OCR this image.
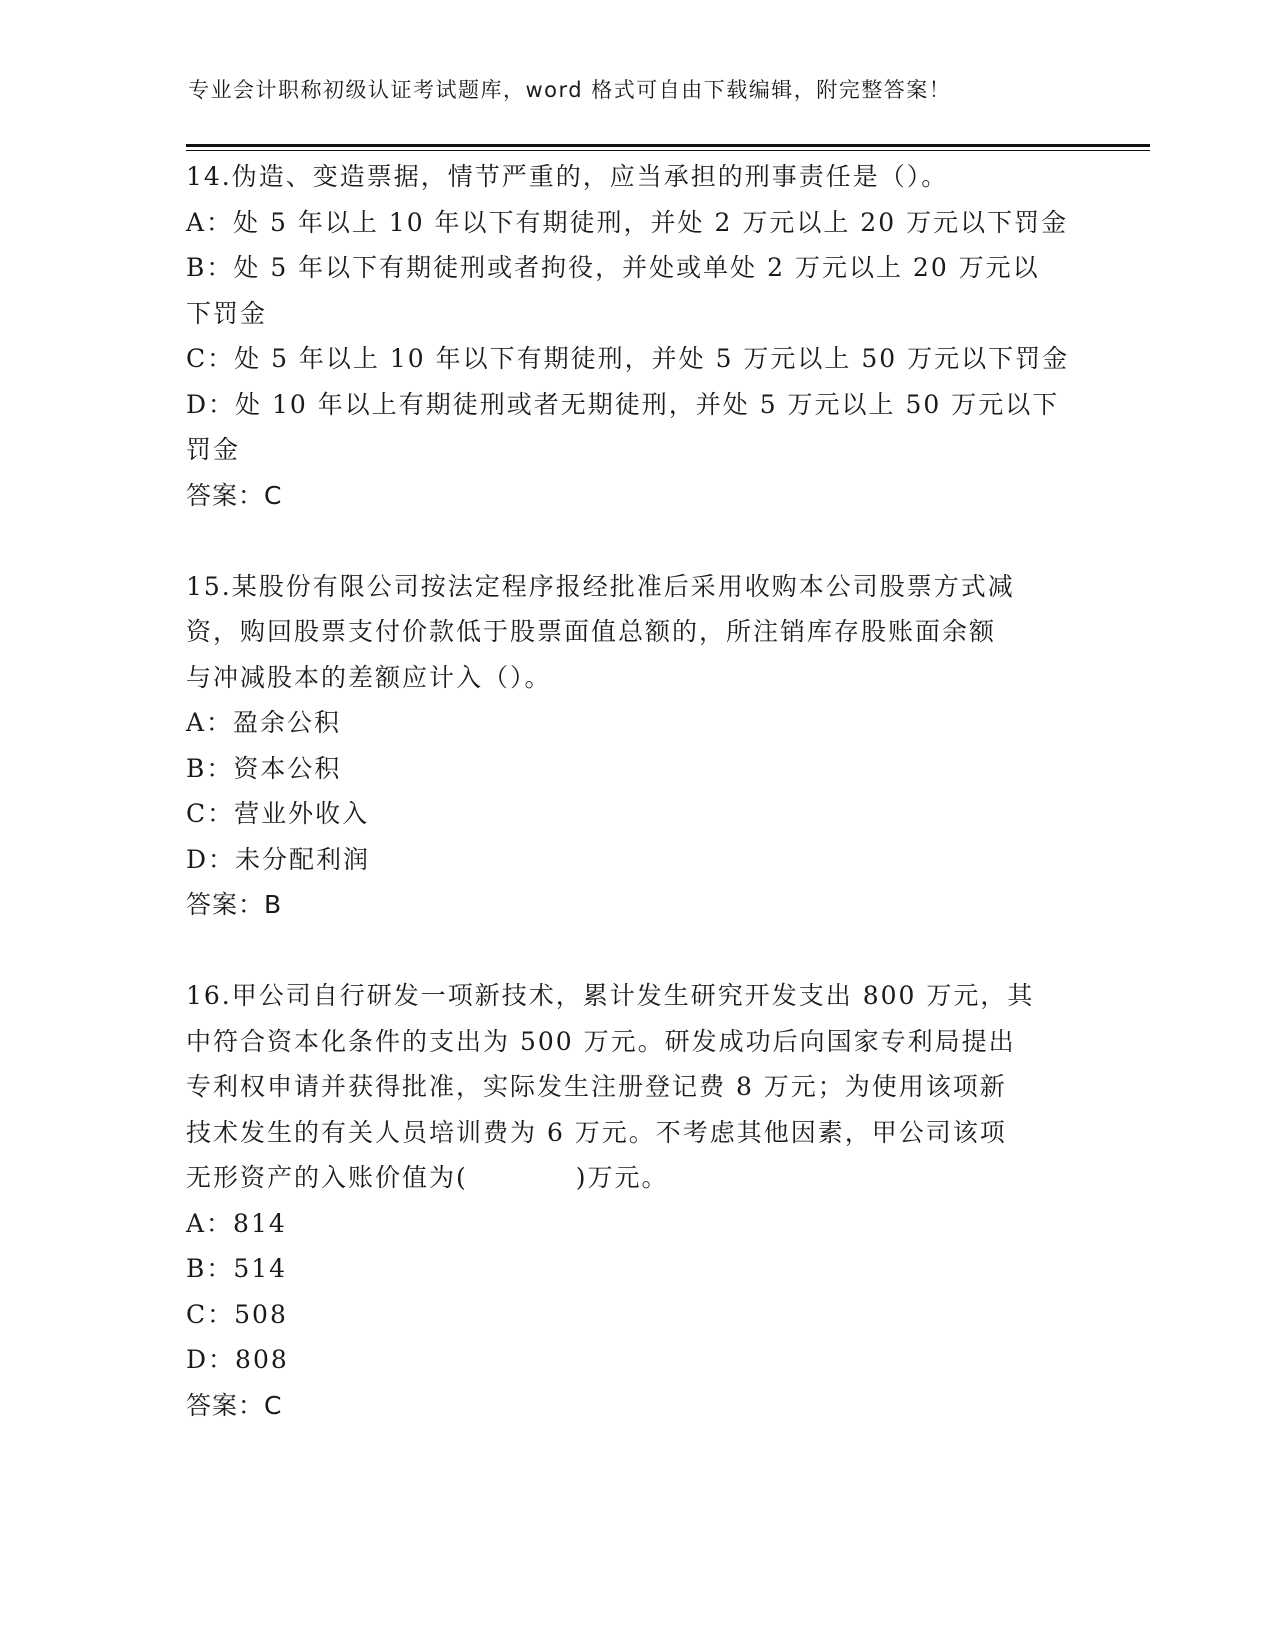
专业会计职称初级认证考试题库，word 格式可自由下载编辑，附完整答案！
14.伪造、变造票据，情节严重的，应当承担的刑事责任是（）。
A：处 5 年以上 10 年以下有期徒刑，并处 2 万元以上 20 万元以下罚金
B：处 5 年以下有期徒刑或者拘役，并处或单处 2 万元以上 20 万元以
下罚金
C：处 5 年以上 10 年以下有期徒刑，并处 5 万元以上 50 万元以下罚金
D：处 10 年以上有期徒刑或者无期徒刑，并处 5 万元以上 50 万元以下
罚金
答案：C
15.某股份有限公司按法定程序报经批准后采用收购本公司股票方式减
资，购回股票支付价款低于股票面值总额的，所注销库存股账面余额
与冲减股本的差额应计入（）。
A：盈余公积
B：资本公积
C：营业外收入
D：未分配利润
答案：B
16.甲公司自行研发一项新技术，累计发生研究开发支出 800 万元，其
中符合资本化条件的支出为 500 万元。研发成功后向国家专利局提出
专利权申请并获得批准，实际发生注册登记费 8 万元；为使用该项新
技术发生的有关人员培训费为 6 万元。不考虑其他因素，甲公司该项
无形资产的入账价值为(　　　　)万元。
A：814
B：514
C：508
D：808
答案：C
